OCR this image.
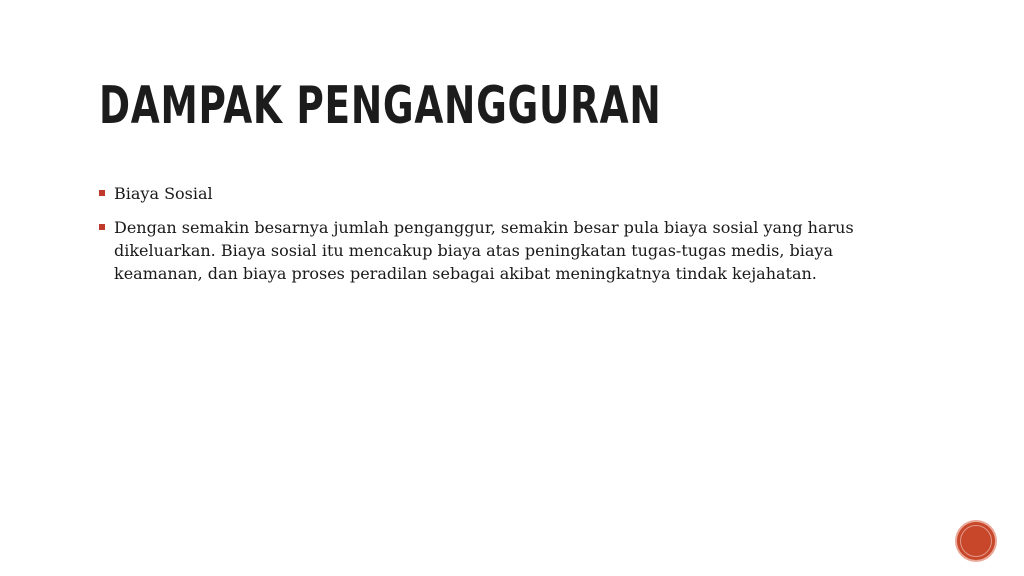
DAMPAK PENGANGGURAN
Biaya Sosial
Dengan semakin besarnya jumlah penganggur, semakin besar pula biaya sosial yang harus dikeluarkan. Biaya sosial itu mencakup biaya atas peningkatan tugas-tugas medis, biaya keamanan, dan biaya proses peradilan sebagai akibat meningkatnya tindak kejahatan.
